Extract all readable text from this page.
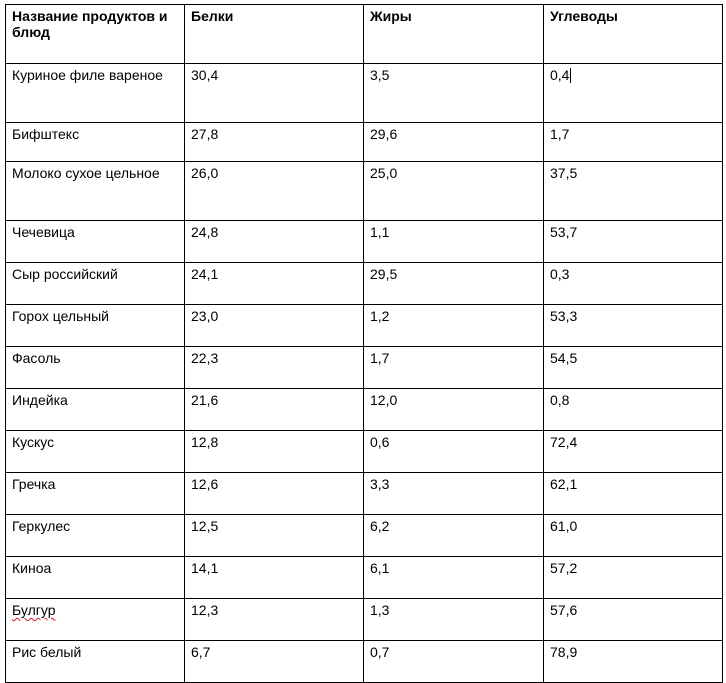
Название продуктов и блюд	Белки	Жиры	Углеводы
Куриное филе вареное	30,4	3,5	0,4
Бифштекс	27,8	29,6	1,7
Молоко сухое цельное	26,0	25,0	37,5
Чечевица	24,8	1,1	53,7
Сыр российский	24,1	29,5	0,3
Горох цельный	23,0	1,2	53,3
Фасоль	22,3	1,7	54,5
Индейка	21,6	12,0	0,8
Кускус	12,8	0,6	72,4
Гречка	12,6	3,3	62,1
Геркулес	12,5	6,2	61,0
Киноа	14,1	6,1	57,2
Булгур	12,3	1,3	57,6
Рис белый	6,7	0,7	78,9
